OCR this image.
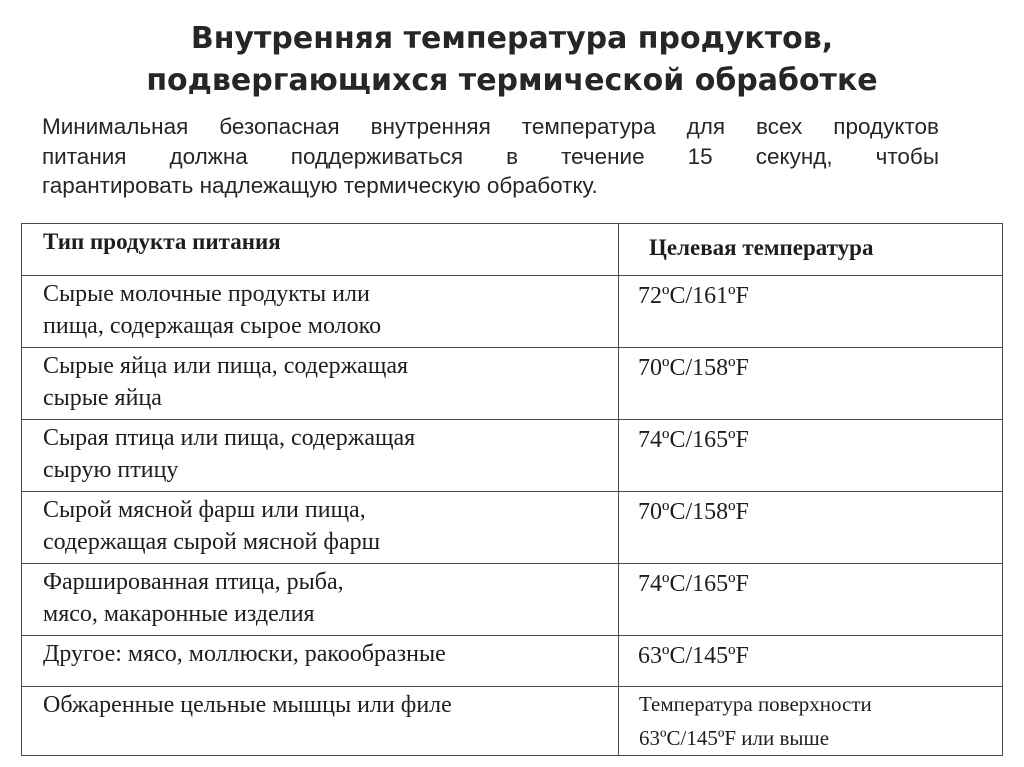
Внутренняя температура продуктов,
подвергающихся термической обработке

Минимальная безопасная внутренняя температура для всех продуктов
питания должна поддерживаться в течение 15 секунд, чтобы
гарантировать надлежащую термическую обработку.

Тип продукта питания	Целевая температура

Сырые молочные продукты или
пища, содержащая сырое молоко	72ºC/161ºF

Сырые яйца или пища, содержащая
сырые яйца	70ºC/158ºF

Сырая птица или пища, содержащая
сырую птицу	74ºC/165ºF

Сырой мясной фарш или пища,
содержащая сырой мясной фарш	70ºC/158ºF

Фаршированная птица, рыба,
мясо, макаронные изделия	74ºC/165ºF

Другое: мясо, моллюски, ракообразные	63ºC/145ºF

Обжаренные цельные мышцы или филе	Температура поверхности
63ºC/145ºF или выше
